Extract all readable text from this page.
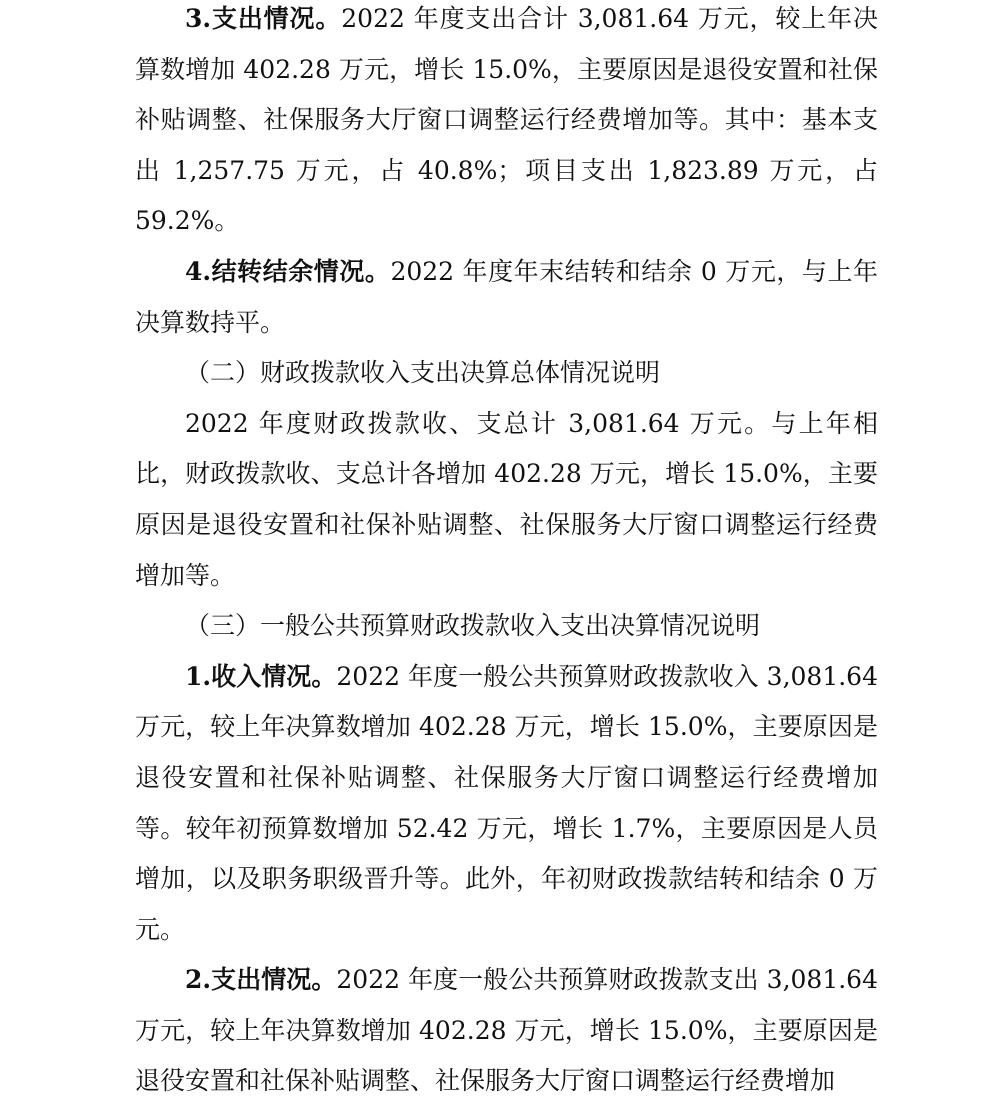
3.支出情况。2022 年度支出合计 3,081.64 万元，较上年决算数增加 402.28 万元，增长 15.0%，主要原因是退役安置和社保补贴调整、社保服务大厅窗口调整运行经费增加等。其中：基本支出 1,257.75 万元，占 40.8%；项目支出 1,823.89 万元，占 59.2%。

4.结转结余情况。2022 年度年末结转和结余 0 万元，与上年决算数持平。

（二）财政拨款收入支出决算总体情况说明

2022 年度财政拨款收、支总计 3,081.64 万元。与上年相比，财政拨款收、支总计各增加 402.28 万元，增长 15.0%，主要原因是退役安置和社保补贴调整、社保服务大厅窗口调整运行经费增加等。

（三）一般公共预算财政拨款收入支出决算情况说明

1.收入情况。2022 年度一般公共预算财政拨款收入 3,081.64 万元，较上年决算数增加 402.28 万元，增长 15.0%，主要原因是退役安置和社保补贴调整、社保服务大厅窗口调整运行经费增加等。较年初预算数增加 52.42 万元，增长 1.7%，主要原因是人员增加，以及职务职级晋升等。此外，年初财政拨款结转和结余 0 万元。

2.支出情况。2022 年度一般公共预算财政拨款支出 3,081.64 万元，较上年决算数增加 402.28 万元，增长 15.0%，主要原因是退役安置和社保补贴调整、社保服务大厅窗口调整运行经费增加
